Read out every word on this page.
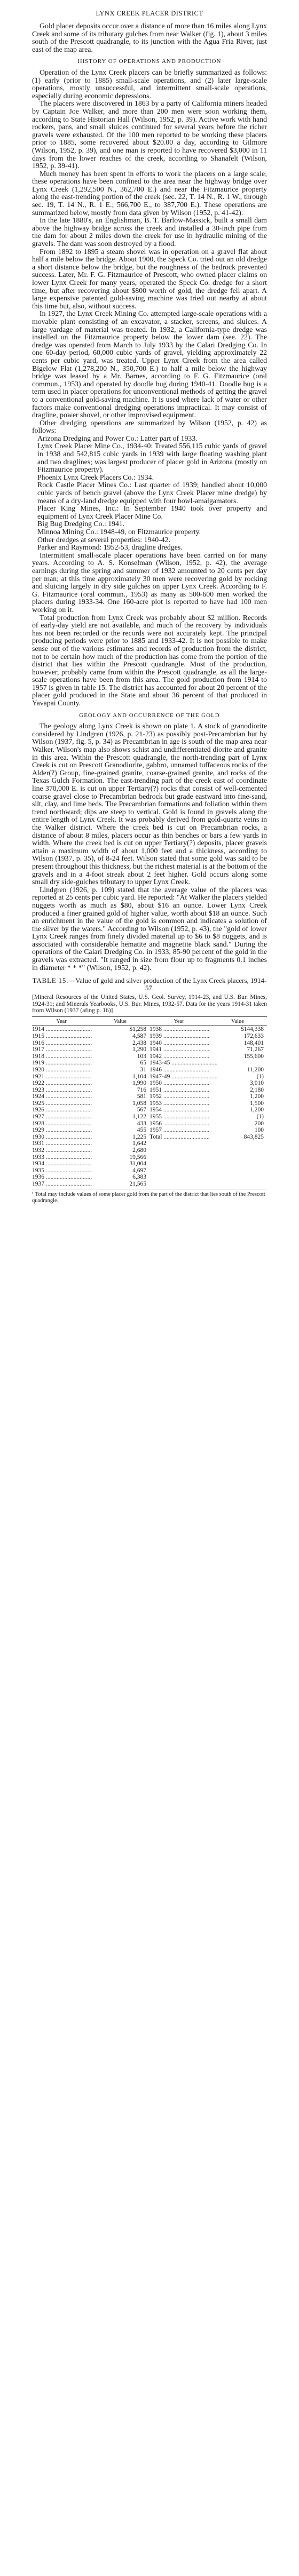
LYNX CREEK PLACER DISTRICT

Gold placer deposits occur over a distance of more than 16 miles along Lynx Creek and some of its tributary gulches from near Walker (fig. 1), about 3 miles south of the Prescott quadrangle, to its junction with the Agua Fria River, just east of the map area.

HISTORY OF OPERATIONS AND PRODUCTION

Operation of the Lynx Creek placers can be briefly summarized as follows: (1) early (prior to 1885) small-scale operations, and (2) later large-scale operations, mostly unsuccessful, and intermittent small-scale operations, especially during economic depressions.

The placers were discovered in 1863 by a party of California miners headed by Captain Joe Walker, and more than 200 men were soon working them, according to State Historian Hall (Wilson, 1952, p. 39). Active work with hand rockers, pans, and small sluices continued for several years before the richer gravels were exhausted. Of the 100 men reported to be working these placers prior to 1885, some recovered about $20.00 a day, according to Gilmore (Wilson, 1952, p. 39), and one man is reported to have recovered $3,000 in 11 days from the lower reaches of the creek, according to Shanafelt (Wilson, 1952, p. 39-41).

Much money has been spent in efforts to work the placers on a large scale; these operations have been confined to the area near the highway bridge over Lynx Creek (1,292,500 N., 362,700 E.) and near the Fitzmaurice property along the east-trending portion of the creek (sec. 22, T. 14 N., R. 1 W., through sec. 19, T. 14 N., R. 1 E.; 566,700 E., to 387,700 E.). These operations are summarized below, mostly from data given by Wilson (1952, p. 41-42).

In the late 1880's, an Englishman, B. T. Barlow-Massick, built a small dam above the highway bridge across the creek and installed a 30-inch pipe from the dam for about 2 miles down the creek for use in hydraulic mining of the gravels. The dam was soon destroyed by a flood.

From 1892 to 1895 a steam shovel was in operation on a gravel flat about half a mile below the bridge. About 1900, the Speck Co. tried out an old dredge a short distance below the bridge, but the roughness of the bedrock prevented success. Later, Mr. F. G. Fitzmaurice of Prescott, who owned placer claims on lower Lynx Creek for many years, operated the Speck Co. dredge for a short time, but after recovering about $800 worth of gold, the dredge fell apart. A large expensive patented gold-saving machine was tried out nearby at about this time but, also, without success.

In 1927, the Lynx Creek Mining Co. attempted large-scale operations with a movable plant consisting of an excavator, a stacker, screens, and sluices. A large yardage of material was treated. In 1932, a California-type dredge was installed on the Fitzmaurice property below the lower dam (see. 22). The dredge was operated from March to July 1933 by the Calari Dredging Co. In one 60-day period, 60,000 cubic yards of gravel, yielding approximately 22 cents per cubic yard, was treated. Upper Lynx Creek from the area called Bigelow Flat (1,278,200 N., 350,700 E.) to half a mile below the highway bridge was leased by a Mr. Barnes, according to F. G. Fitzmaurice (oral commun., 1953) and operated by doodle bug during 1940-41. Doodle bug is a term used in placer operations for unconventional methods of getting the gravel to a conventional gold-saving machine. It is used where lack of water or other factors make conventional dredging operations impractical. It may consist of dragline, power shovel, or other improvised equipment.

Other dredging operations are summarized by Wilson (1952, p. 42) as follows:

Arizona Dredging and Power Co.: Latter part of 1933.

Lynx Creek Placer Mine Co., 1934-40: Treated 556,115 cubic yards of gravel in 1938 and 542,815 cubic yards in 1939 with large floating washing plant and two draglines; was largest producer of placer gold in Arizona (mostly on Fitzmaurice property).

Phoenix Lynx Creek Placers Co.: 1934.

Rock Castle Placer Mines Co.: Last quarter of 1939; handled about 10,000 cubic yards of bench gravel (above the Lynx Creek Placer mine dredge) by means of a dry-land dredge equipped with four bowl-amalgamators.

Placer King Mines, Inc.: In September 1940 took over property and equipment of Lynx Creek Placer Mine Co.

Big Bug Dredging Co.: 1941.

Minnoa Mining Co.: 1948-49, on Fitzmaurice property.

Other dredges at several properties: 1940-42.

Parker and Raymond: 1952-53, dragline dredges.

Intermittent small-scale placer operations have been carried on for many years. According to A. S. Konselman (Wilson, 1952, p. 42), the average earnings during the spring and summer of 1932 amounted to 20 cents per day per man; at this time approximately 30 men were recovering gold by rocking and sluicing largely in dry side gulches on upper Lynx Creek. According to F. G. Fitzmaurice (oral commun., 1953) as many as 500-600 men worked the placers during 1933-34. One 160-acre plot is reported to have had 100 men working on it.

Total production from Lynx Creek was probably about $2 million. Records of early-day yield are not available, and much of the recovery by individuals has not been recorded or the records were not accurately kept. The principal producing periods were prior to 1885 and 1933-42. It is not possible to make sense out of the various estimates and records of production from the district, not to be certain how much of the production has come from the portion of the district that lies within the Prescott quadrangle. Most of the production, however, probably came from within the Prescott quadrangle, as all the large-scale operations have been from this area. The gold production from 1914 to 1957 is given in table 15. The district has accounted for about 20 percent of the placer gold produced in the State and about 36 percent of that produced in Yavapai County.

GEOLOGY AND OCCURRENCE OF THE GOLD

The geology along Lynx Creek is shown on plate 1. A stock of granodiorite considered by Lindgren (1926, p. 21-23) as possibly post-Precambrian but by Wilson (1937, fig. 5, p. 34) as Precambrian in age is south of the map area near Walker. Wilson's map also shows schist and undifferentiated diorite and granite in this area. Within the Prescott quadrangle, the north-trending part of Lynx Creek is cut on Prescott Granodiorite, gabbro, unnamed tuffaceous rocks of the Alder(?) Group, fine-grained granite, coarse-grained granite, and rocks of the Texas Gulch Formation. The east-trending part of the creek east of coordinate line 370,000 E. is cut on upper Tertiary(?) rocks that consist of well-cemented coarse gravel close to Precambrian bedrock but grade eastward into fine-sand, silt, clay, and lime beds. The Precambrian formations and foliation within them trend northward; dips are steep to vertical. Gold is found in gravels along the entire length of Lynx Creek. It was probably derived from gold-quartz veins in the Walker district. Where the creek bed is cut on Precambrian rocks, a distance of about 8 miles, placers occur as thin benches or bars a few yards in width. Where the creek bed is cut on upper Tertiary(?) deposits, placer gravels attain a maximum width of about 1,000 feet and a thickness, according to Wilson (1937, p. 35), of 8-24 feet. Wilson stated that some gold was said to be present throughout this thickness, but the richest material is at the bottom of the gravels and in a 4-foot streak about 2 feet higher. Gold occurs along some small dry side-gulches tributary to upper Lynx Creek.

Lindgren (1926, p. 109) stated that the average value of the placers was reported at 25 cents per cubic yard. He reported: "At Walker the placers yielded nuggets worth as much as $80, about $16 an ounce. Lower Lynx Creek produced a finer grained gold of higher value, worth about $18 an ounce. Such an enrichment in the value of the gold is common and indicates a solution of the silver by the waters." According to Wilson (1952, p. 43), the "gold of lower Lynx Creek ranges from finely divided material up to $6 to $8 nuggets, and is associated with considerable hematite and magnetite black sand." During the operations of the Calari Dredging Co. in 1933, 85-90 percent of the gold in the gravels was extracted. "It ranged in size from flour up to fragments 0.1 inches in diameter * * *" (Wilson, 1952, p. 42).

TABLE 15.—Value of gold and silver production of the Lynx Creek placers, 1914-57.
[Mineral Resources of the United States, U.S. Geol. Survey, 1914-23, and U.S. Bur. Mines, 1924-31; and Minerals Yearbooks, U.S. Bur. Mines, 1932-57. Data for the years 1914-31 taken from Wilson (1937 (afing p. 16)]
Year	Value
1914 ..............................	$1,258
1915 ..............................	4,587
1916 ..............................	2,438
1917 ..............................	1,290
1918 ..............................	103
1919 ..............................	65
1920 ..............................	31
1921 ..............................	1,104
1922 ..............................	1,990
1923 ..............................	716
1924 ..............................	581
1925 ..............................	1,058
1926 ..............................	567
1927 ..............................	1,122
1928 ..............................	433
1929 ..............................	455
1930 ..............................	1,225
1931 ..............................	1,642
1932 ..............................	2,680
1933 ..............................	19,566
1934 ..............................	31,004
1935 ..............................	4,697
1936 ..............................	6,383
1937 ..............................	21,565
Year	Value
1938 ..............................	$144,338
1939 ..............................	172,633
1940 ..............................	148,401
1941 ..............................	71,267
1942 ..............................	155,600
1943-45 ..............................
1946 ..............................	11,200
1947-49 ..............................	(1)
1950 ..............................	3,010
1951 ..............................	2,180
1952 ..............................	1,200
1953 ..............................	1,500
1954 ..............................	1,200
1955 ..............................	(1)
1956 ..............................	200
1957 ..............................	100
Total ..............................	843,825
¹ Total may include values of some placer gold from the part of the district that lies south of the Prescott quadrangle.
